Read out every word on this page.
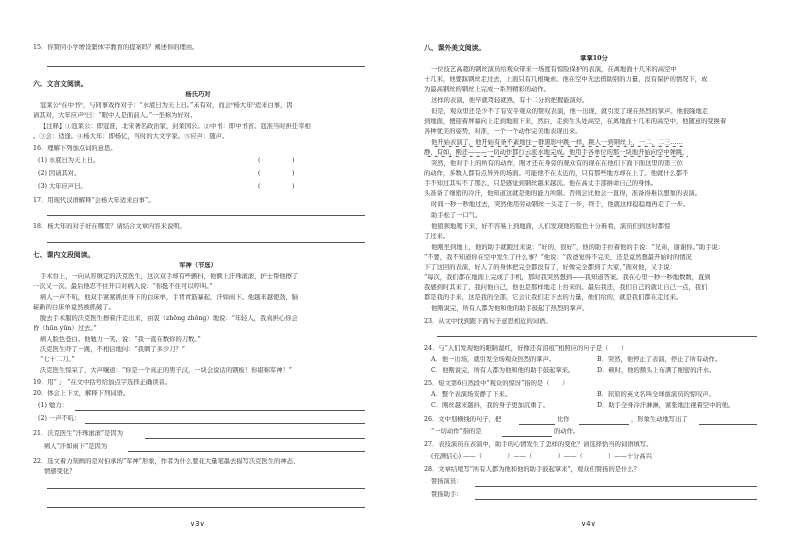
15．你赞同小学增设繁体字教育的提案吗？阐述你的理由。
六、文言文阅读。
杨氏巧对
寇莱公⁰在中书⁰，与同事戏作对子：“水底日为天上日。”未有对，而会⁰杨大年⁰适来白事，因
请其对，大年应声⁰曰：“眼中人是面前人。”一坐称为好对。
【注释】①寇莱公：即寇准，北宋著名政治家，封莱国公。②中书：即中书省。寇准当时担任宰相
。③会：适逢。④杨大年：即杨亿，当时的大文学家。⑤应声：随声。
16．理解下列加点词的意思。
(1) 水底日为天上日。	(　　　　　)
(2) 因请其对。	(　　　　　)
(3) 大年应声曰。	(　　　　　)
17．用现代汉语解释“会杨大年适来白事”。
18．杨大年的对子好在哪里？请结合文章内容来说明。
七、课内文段阅读。
军神（节选）
手术台上，一向从容镇定的沃克医生，这次双手却有些颤抖，他额上汗珠滚滚，护士帮他擦了
一次又一次。最后他忍不住开口对病人说：“你挺不住可以哼叫。”
病人一声不吭，他双手紧紧抓住身下的白床单，手背青筋暴起，汗如雨下。他越来越使劲，脑
崭新的白床单竟然被抓破了。
脱去手术服的沃克医生擦着汗走出来，由衷（zhōng zhōng）地说：“年轻人，我真担心你会
昏（hūn yūn）过去。”
病人脸色苍白。他勉力一笑，说：“我一直在数你的刀数。”
沃克医生吓了一跳，不相信地问：“我刺了多少刀？”
“七十二刀。”
沃克医生惊呆了，大声嚷道：“你是一个真正的男子汉，一块会说话的钢板！你堪称军神！”
19．用“ 」 ”在文中括号给加点字选择正确读音。
20．体会上下文，解释下列词语。
(1) 勉力：
(2) 一声不吭：
21．沃克医生“汗珠滚滚”是因为
病人“汗如雨下”是因为
22．选文着力刻画的是对伯承的“军神”形象，作者为什么要花大量笔墨去描写沃克医生的神态、
情感变化？
∨3∨
八、课外美文阅读。
掌掌10分
一位技艺高超的钢丝演员给观众带来一场度有惊险保护的表演，在离地面十几米的高空中
十几米，他要踩钢丝走过去，上面只有几根绳索。他在空中无法借助别的力量，没有保护的情况下，成
为最高钢丝的钢丝上完成一系列精彩的动作。
这样的表演，他早就驾轻就熟，有十二分的把握能演好。
但是，观众里还是少不了有安乎观众的赞叹表演，他一出现，就引发了现在热烈的掌声。他很隆地走
到地面，便迎着屏幕向上走到地面下来，然后，走到生头处高空，在离地面十几米的高空中，他随意的变换着
各种优美的姿势，对准，一个一个动作完美地表现出来。
他开始表演了，他开始有条不紊地往一群黑影中跳一样，跳人一到钢丝上，一二、二三……
静，有如，刚还———一切动作都行云流水地完成。他用手各单位的那一块地开始向空中弹跳，
突然，他对手上的所有的动作，刚才还在身旁的观众有的现在在他们下面下面这里的第三位
的动作，多数人都有点异外的场面。可能他不在太近的，只有那些地方却在上了。他就什么都不
手不知过其实不了那么，只是感觉到钢丝越来越沉。他在高丈手部拼命自己的身体。
头准备了细密的冷汗，他知道这就是他的能力所限。否则会比他会一直得，准备得难以想象的表演。
时间一秒一秒地过去，突然他用劳动钢丝一头走了一步，终于，他就这样稳稳地再走了一步。
助手松了一口气。
他狼狈地爬下来，好不容易上到地面，人们发现他的脸色十分难看，演员们到这时都惊
了过来。
他刚坐到地上，他的助手就跑过来说：“好的，很好”，他的助手拉着他的手说：“兄弟，谢谢你。”助手说：
“不要，我不知道你在空中发生了什么事？”他说：“我爸觉得不完美，还是竟然想最开始时的情况
下了这回的表演，好人了的身体把完全都没有了，好像完全都到了大家，”面对他，又手说：
“每次，我们都在地面上完成了手机，那时我突然想到——我知道答案。我在心里一秒一秒地数数，直到
我感到时其来了，我问他自己，他也是那样地走上台来的。最后我还，我们自己的就让自己一点，我们
都是我的手来，这是我的全部，它会让我们走下去的力量，他们给的，就是我们都在走过来。
他刚说完，所有人都为他和他的助手鼓起了热烈的掌声。
23．从文中找到跟下面句子意思相近的词语。
24．与“人们发现他的眼睛湿红，好像还有泪痕”相照应的句子是（　　）
A．他一出场，就引发全场观众热烈的掌声。	B．突然，他停止了表演，停止了所有动作。
C．他刚说完，所有人都为他和他的助手鼓起掌来。	D．顿时，他的额头上布满了细密的汗水。
25．短文第6自然段中“观众的惊讶”指的是（　　）
A．整个表演场安静了下来。	B．屈原的英文名叫全球拔演员的惊叹声。
C．刚丝越来越抖，我的身子更加沉重了。	D．助手全身冷汗淋淋，紧张地注视着空中的他。
26．文中划横线的句子，把	比作	，形象生动地写出了
“一切动作”指的是	的动作。
27．表技演员在表演中，助手的心情发生了怎样的变化？请选择恰当的词语填写。
(充满信心) ——（　　　　）——（　　　　）——（　　　　）——十分高兴
28．文章结尾写“所有人都为他和他的助手鼓起掌来”，观众们赞扬的是什么？
赞扬演员：
赞扬助手：
∨4∨
